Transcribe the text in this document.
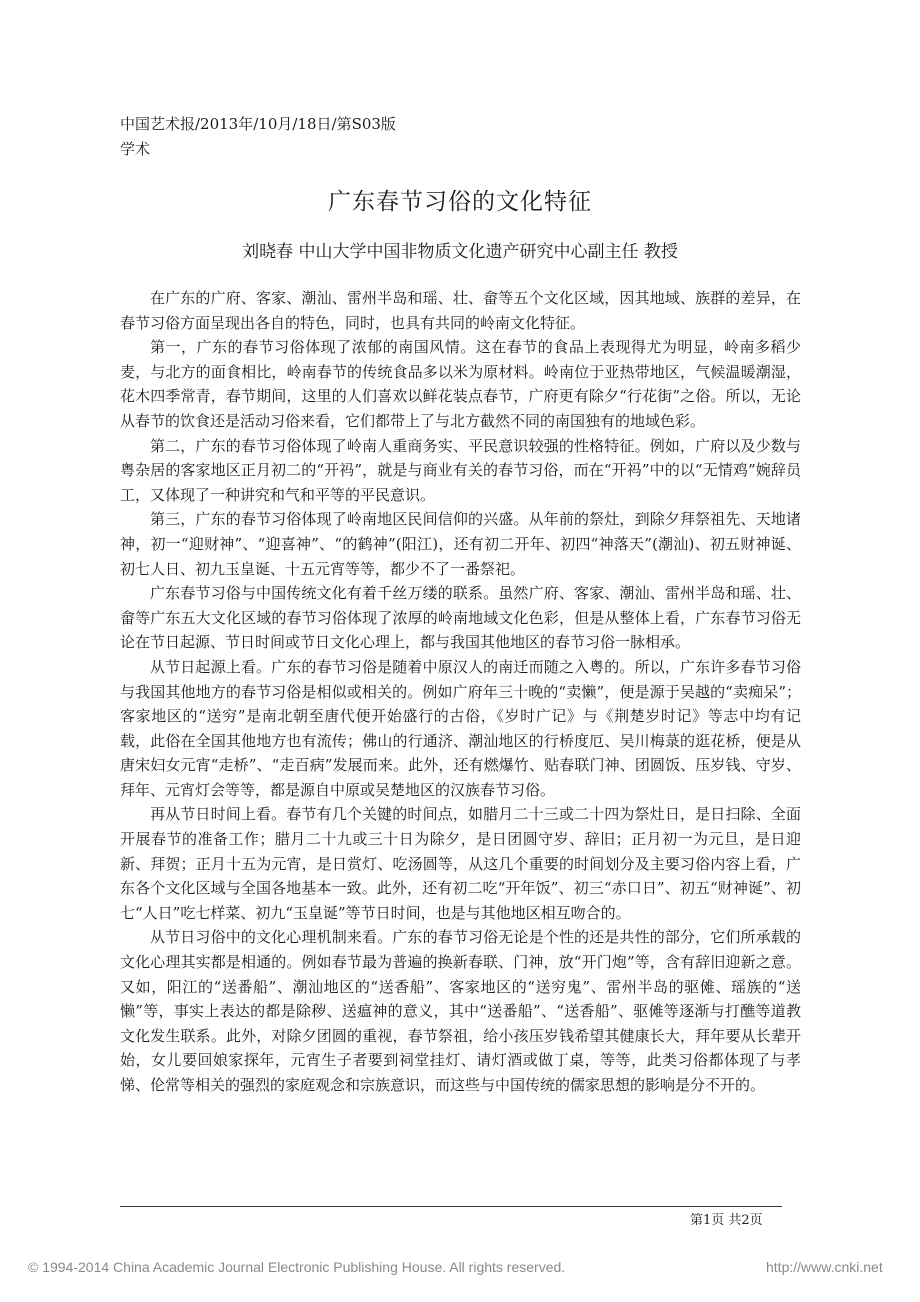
中国艺术报/2013年/10月/18日/第S03版
学术
广东春节习俗的文化特征
刘晓春 中山大学中国非物质文化遗产研究中心副主任 教授

在广东的广府、客家、潮汕、雷州半岛和瑶、壮、畲等五个文化区域，因其地域、族群的差异，在春节习俗方面呈现出各自的特色，同时，也具有共同的岭南文化特征。

第一，广东的春节习俗体现了浓郁的南国风情。这在春节的食品上表现得尤为明显，岭南多稻少麦，与北方的面食相比，岭南春节的传统食品多以米为原材料。岭南位于亚热带地区，气候温暖潮湿，花木四季常青，春节期间，这里的人们喜欢以鲜花装点春节，广府更有除夕“行花街”之俗。所以，无论从春节的饮食还是活动习俗来看，它们都带上了与北方截然不同的南国独有的地域色彩。

第二，广东的春节习俗体现了岭南人重商务实、平民意识较强的性格特征。例如，广府以及少数与粤杂居的客家地区正月初二的“开祃”，就是与商业有关的春节习俗，而在“开祃”中的以“无情鸡”婉辞员工，又体现了一种讲究和气和平等的平民意识。

第三，广东的春节习俗体现了岭南地区民间信仰的兴盛。从年前的祭灶，到除夕拜祭祖先、天地诸神，初一“迎财神”、“迎喜神”、“的鹤神”(阳江)，还有初二开年、初四“神落天”(潮汕)、初五财神诞、初七人日、初九玉皇诞、十五元宵等等，都少不了一番祭祀。

广东春节习俗与中国传统文化有着千丝万缕的联系。虽然广府、客家、潮汕、雷州半岛和瑶、壮、畲等广东五大文化区域的春节习俗体现了浓厚的岭南地域文化色彩，但是从整体上看，广东春节习俗无论在节日起源、节日时间或节日文化心理上，都与我国其他地区的春节习俗一脉相承。

从节日起源上看。广东的春节习俗是随着中原汉人的南迁而随之入粤的。所以，广东许多春节习俗与我国其他地方的春节习俗是相似或相关的。例如广府年三十晚的“卖懒”，便是源于吴越的“卖痴呆”；客家地区的“送穷”是南北朝至唐代便开始盛行的古俗，《岁时广记》与《荆楚岁时记》等志中均有记载，此俗在全国其他地方也有流传；佛山的行通济、潮汕地区的行桥度厄、吴川梅菉的逛花桥，便是从唐宋妇女元宵“走桥”、“走百病”发展而来。此外，还有燃爆竹、贴春联门神、团圆饭、压岁钱、守岁、拜年、元宵灯会等等，都是源自中原或吴楚地区的汉族春节习俗。

再从节日时间上看。春节有几个关键的时间点，如腊月二十三或二十四为祭灶日，是日扫除、全面开展春节的准备工作；腊月二十九或三十日为除夕，是日团圆守岁、辞旧；正月初一为元旦，是日迎新、拜贺；正月十五为元宵，是日赏灯、吃汤圆等，从这几个重要的时间划分及主要习俗内容上看，广东各个文化区域与全国各地基本一致。此外，还有初二吃“开年饭”、初三“赤口日”、初五“财神诞”、初七“人日”吃七样菜、初九“玉皇诞”等节日时间，也是与其他地区相互吻合的。

从节日习俗中的文化心理机制来看。广东的春节习俗无论是个性的还是共性的部分，它们所承载的文化心理其实都是相通的。例如春节最为普遍的换新春联、门神，放“开门炮”等，含有辞旧迎新之意。又如，阳江的“送番船”、潮汕地区的“送香船”、客家地区的“送穷鬼”、雷州半岛的驱傩、瑶族的“送懒”等，事实上表达的都是除秽、送瘟神的意义，其中“送番船”、“送香船”、驱傩等逐渐与打醮等道教文化发生联系。此外，对除夕团圆的重视，春节祭祖，给小孩压岁钱希望其健康长大，拜年要从长辈开始，女儿要回娘家探年，元宵生子者要到祠堂挂灯、请灯酒或做丁桌，等等，此类习俗都体现了与孝悌、伦常等相关的强烈的家庭观念和宗族意识，而这些与中国传统的儒家思想的影响是分不开的。

第1页 共2页
© 1994-2014 China Academic Journal Electronic Publishing House. All rights reserved.	http://www.cnki.net
